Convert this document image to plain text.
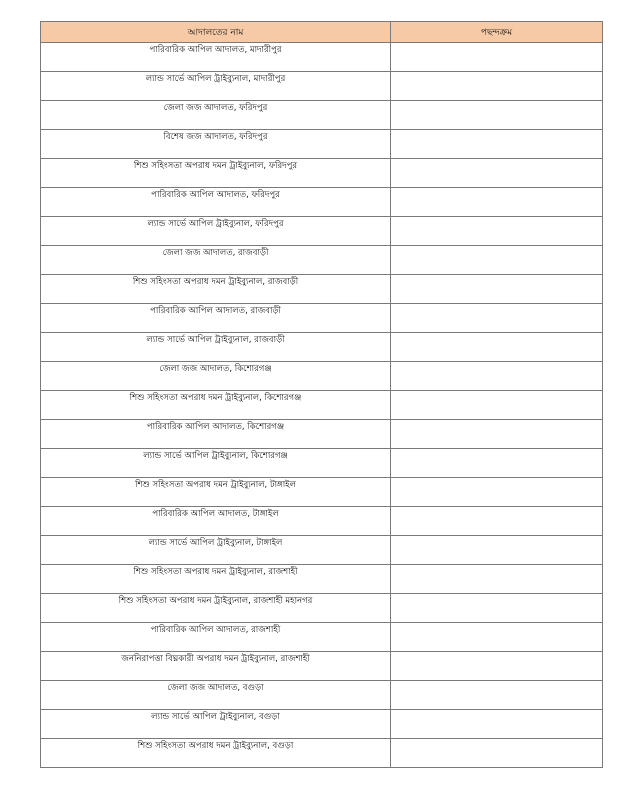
আদালতের নাম	পছন্দক্রম
পারিবারিক আপিল আদালত, মাদারীপুর	
ল্যান্ড সার্ভে আপিল ট্রাইব্যুনাল, মাদারীপুর	
জেলা জজ আদালত, ফরিদপুর	
বিশেষ জজ আদালত, ফরিদপুর	
শিশু সহিংসতা অপরাধ দমন ট্রাইব্যুনাল, ফরিদপুর	
পারিবারিক আপিল আদালত, ফরিদপুর	
ল্যান্ড সার্ভে আপিল ট্রাইব্যুনাল, ফরিদপুর	
জেলা জজ আদালত, রাজবাড়ী	
শিশু সহিংসতা অপরাধ দমন ট্রাইব্যুনাল, রাজবাড়ী	
পারিবারিক আপিল আদালত, রাজবাড়ী	
ল্যান্ড সার্ভে আপিল ট্রাইব্যুনাল, রাজবাড়ী	
জেলা জজ আদালত, কিশোরগঞ্জ	
শিশু সহিংসতা অপরাধ দমন ট্রাইব্যুনাল, কিশোরগঞ্জ	
পারিবারিক আপিল আদালত, কিশোরগঞ্জ	
ল্যান্ড সার্ভে আপিল ট্রাইব্যুনাল, কিশোরগঞ্জ	
শিশু সহিংসতা অপরাধ দমন ট্রাইব্যুনাল, টাঙ্গাইল	
পারিবারিক আপিল আদালত, টাঙ্গাইল	
ল্যান্ড সার্ভে আপিল ট্রাইব্যুনাল, টাঙ্গাইল	
শিশু সহিংসতা অপরাধ দমন ট্রাইব্যুনাল, রাজশাহী	
শিশু সহিংসতা অপরাধ দমন ট্রাইব্যুনাল, রাজশাহী মহানগর	
পারিবারিক আপিল আদালত, রাজশাহী	
জননিরাপত্তা বিঘ্নকারী অপরাধ দমন ট্রাইব্যুনাল, রাজশাহী	
জেলা জজ আদালত, বগুড়া	
ল্যান্ড সার্ভে আপিল ট্রাইব্যুনাল, বগুড়া	
শিশু সহিংসতা অপরাধ দমন ট্রাইব্যুনাল, বগুড়া	
